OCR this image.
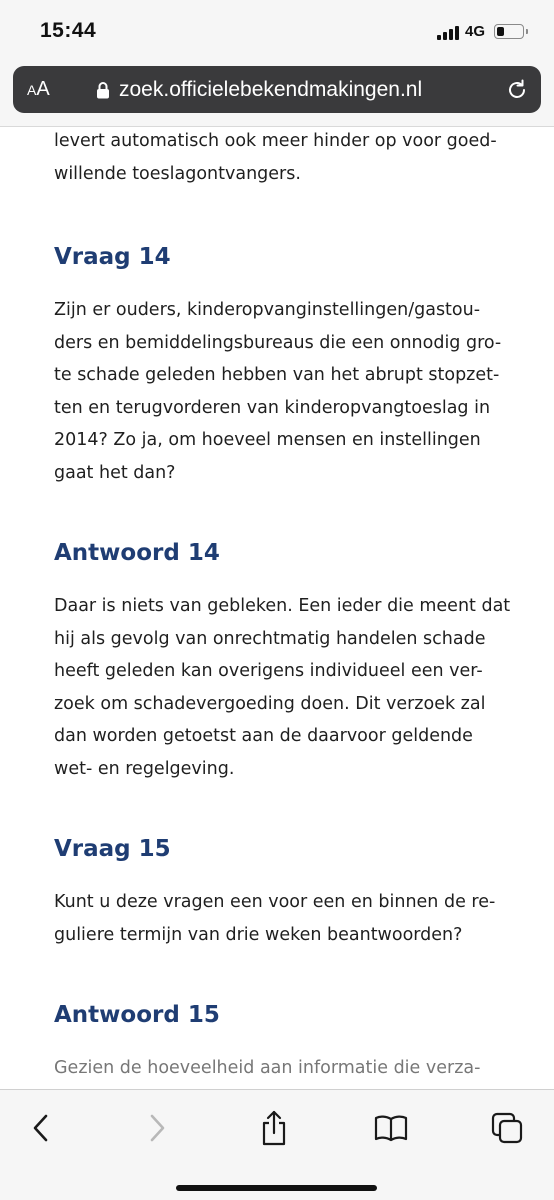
15:44	4G
AA	zoek.officielebekendmakingen.nl

levert automatisch ook meer hinder op voor goed-
willende toeslagontvangers.

Vraag 14

Zijn er ouders, kinderopvanginstellingen/gastou-
ders en bemiddelingsbureaus die een onnodig gro-
te schade geleden hebben van het abrupt stopzet-
ten en terugvorderen van kinderopvangtoeslag in
2014? Zo ja, om hoeveel mensen en instellingen
gaat het dan?

Antwoord 14

Daar is niets van gebleken. Een ieder die meent dat
hij als gevolg van onrechtmatig handelen schade
heeft geleden kan overigens individueel een ver-
zoek om schadevergoeding doen. Dit verzoek zal
dan worden getoetst aan de daarvoor geldende
wet- en regelgeving.

Vraag 15

Kunt u deze vragen een voor een en binnen de re-
guliere termijn van drie weken beantwoorden?

Antwoord 15

Gezien de hoeveelheid aan informatie die verza-
